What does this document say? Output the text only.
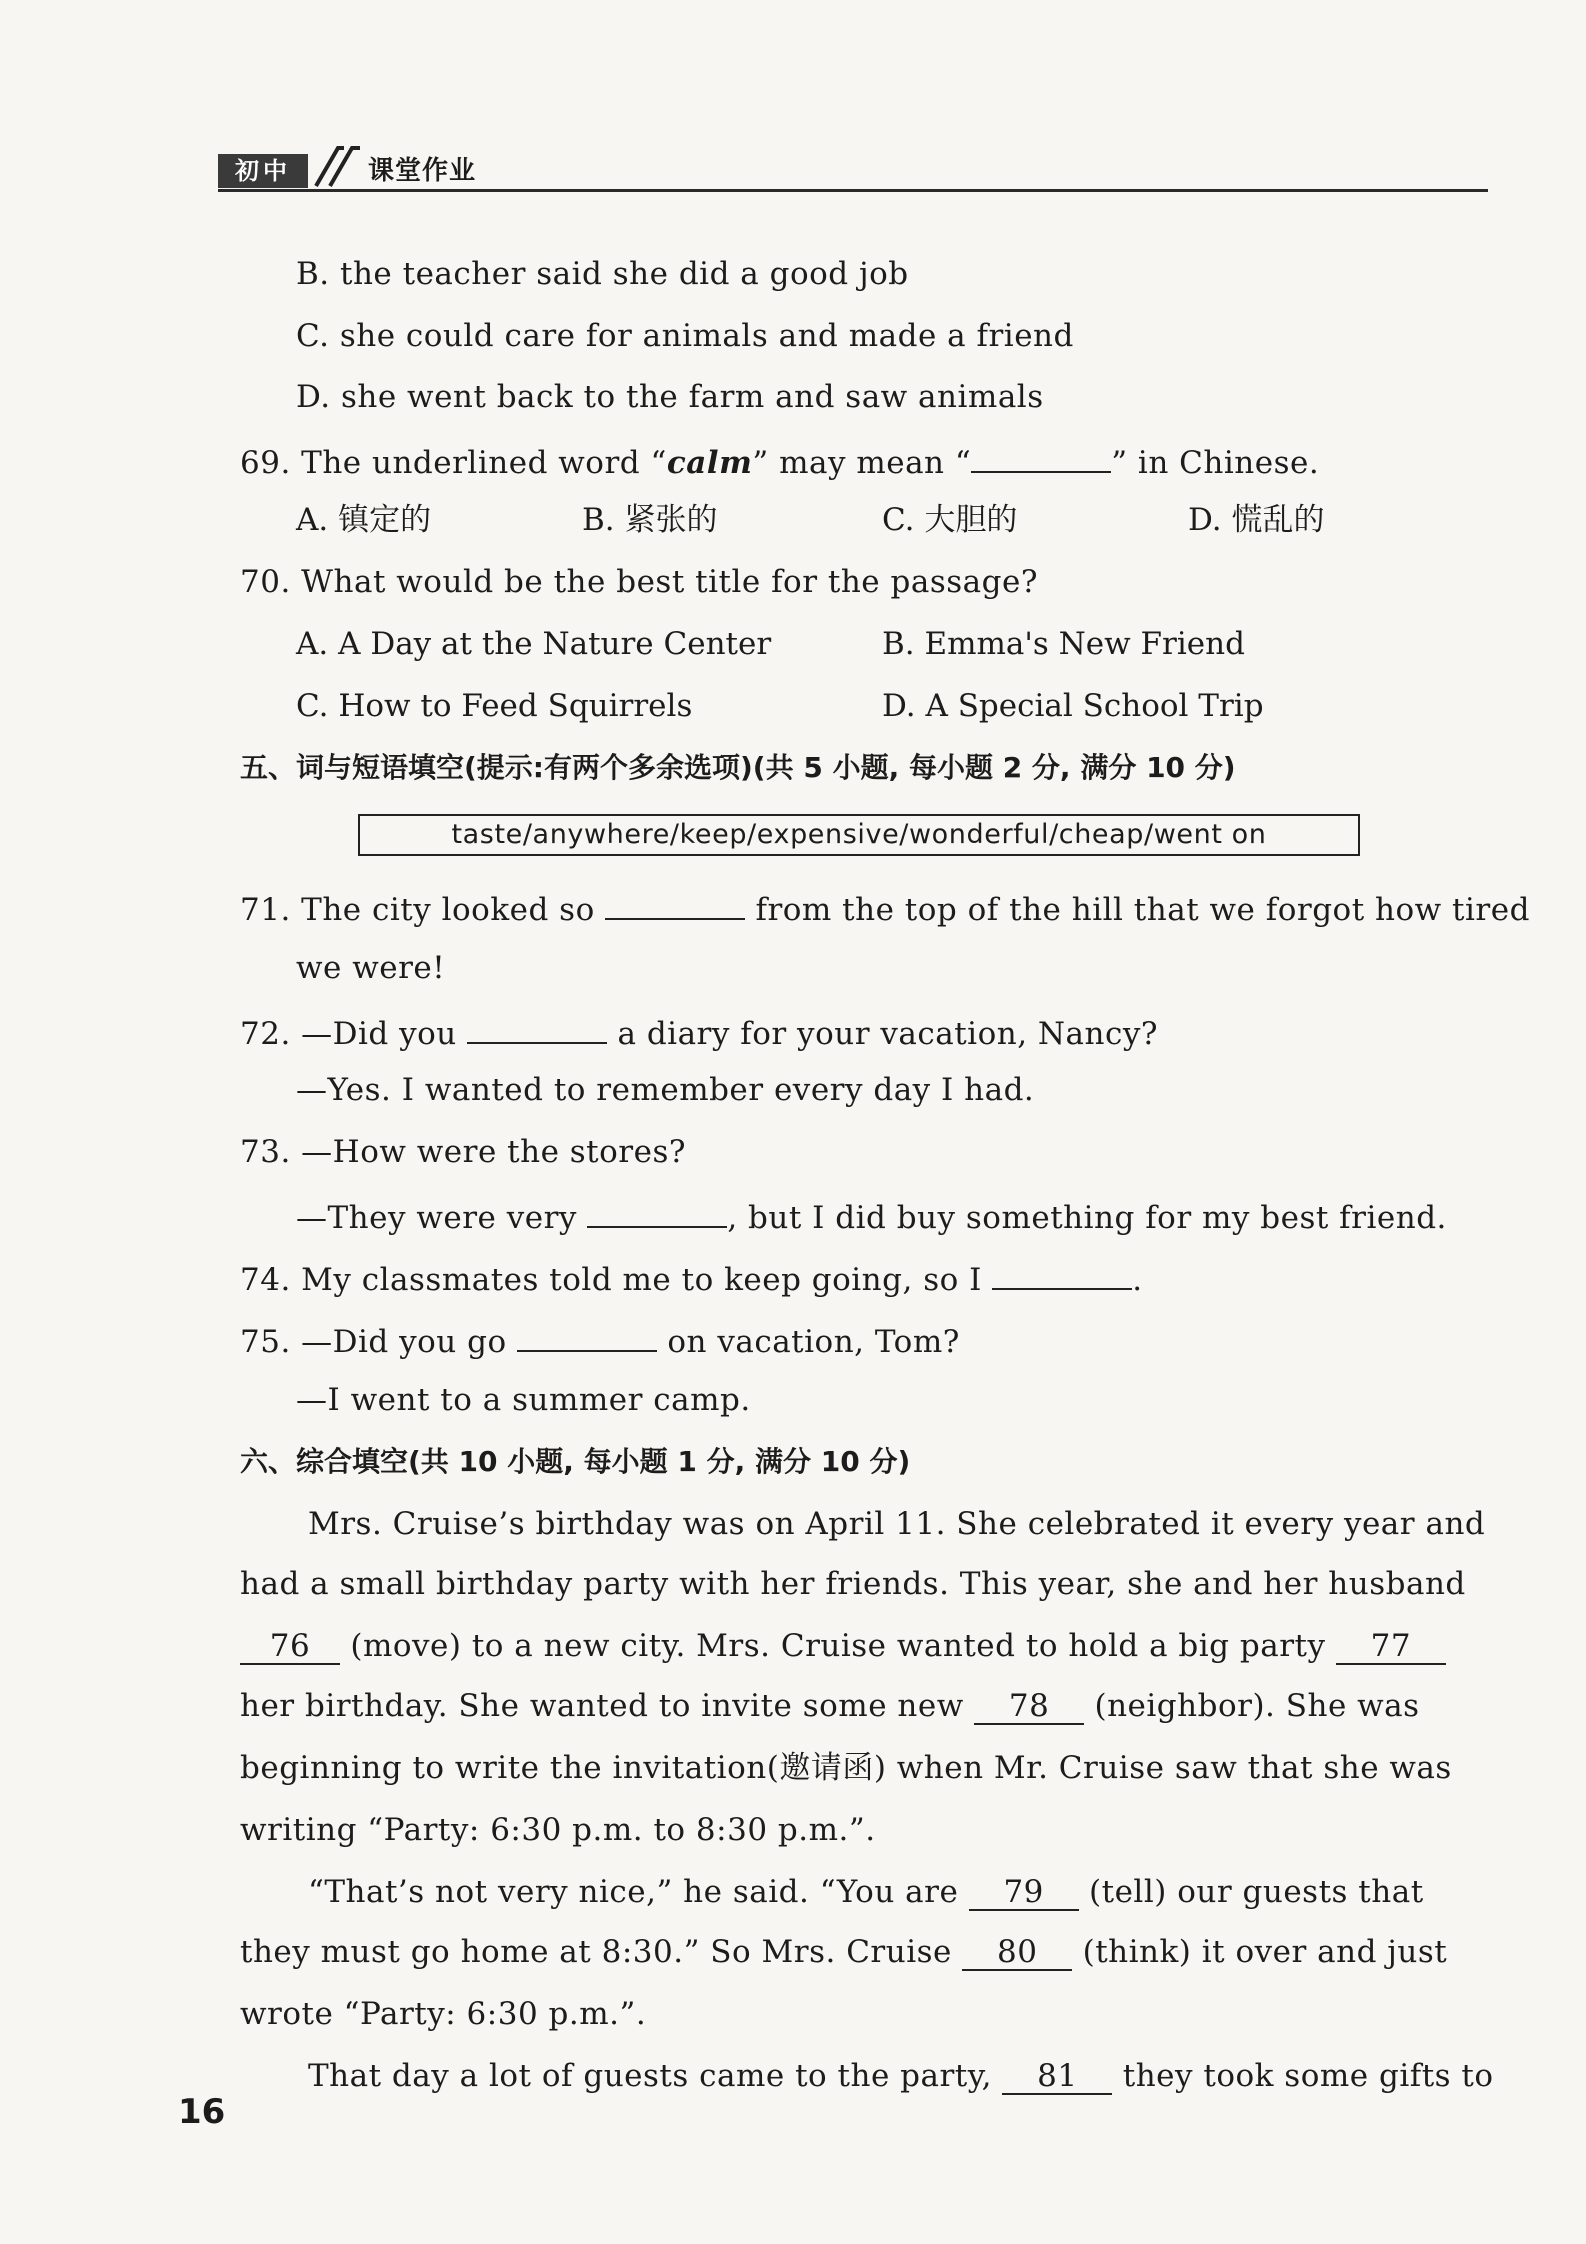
初中	课堂作业
B. the teacher said she did a good job
C. she could care for animals and made a friend
D. she went back to the farm and saw animals
69. The underlined word “calm” may mean “	” in Chinese.
A. 镇定的	B. 紧张的	C. 大胆的	D. 慌乱的
70. What would be the best title for the passage?
A. A Day at the Nature Center	B. Emma's New Friend
C. How to Feed Squirrels	D. A Special School Trip
五、词与短语填空(提示:有两个多余选项)(共 5 小题, 每小题 2 分, 满分 10 分)
taste/anywhere/keep/expensive/wonderful/cheap/went on
71. The city looked so	from the top of the hill that we forgot how tired
we were!
72. —Did you	a diary for your vacation, Nancy?
—Yes. I wanted to remember every day I had.
73. —How were the stores?
—They were very	, but I did buy something for my best friend.
74. My classmates told me to keep going, so I	.
75. —Did you go	on vacation, Tom?
—I went to a summer camp.
六、综合填空(共 10 小题, 每小题 1 分, 满分 10 分)
Mrs. Cruise’s birthday was on April 11. She celebrated it every year and
had a small birthday party with her friends. This year, she and her husband
76 (move) to a new city. Mrs. Cruise wanted to hold a big party 77
her birthday. She wanted to invite some new 78 (neighbor). She was
beginning to write the invitation(邀请函) when Mr. Cruise saw that she was
writing “Party: 6:30 p.m. to 8:30 p.m.”.
“That’s not very nice,” he said. “You are 79 (tell) our guests that
they must go home at 8:30.” So Mrs. Cruise 80 (think) it over and just
wrote “Party: 6:30 p.m.”.
That day a lot of guests came to the party, 81 they took some gifts to
16
